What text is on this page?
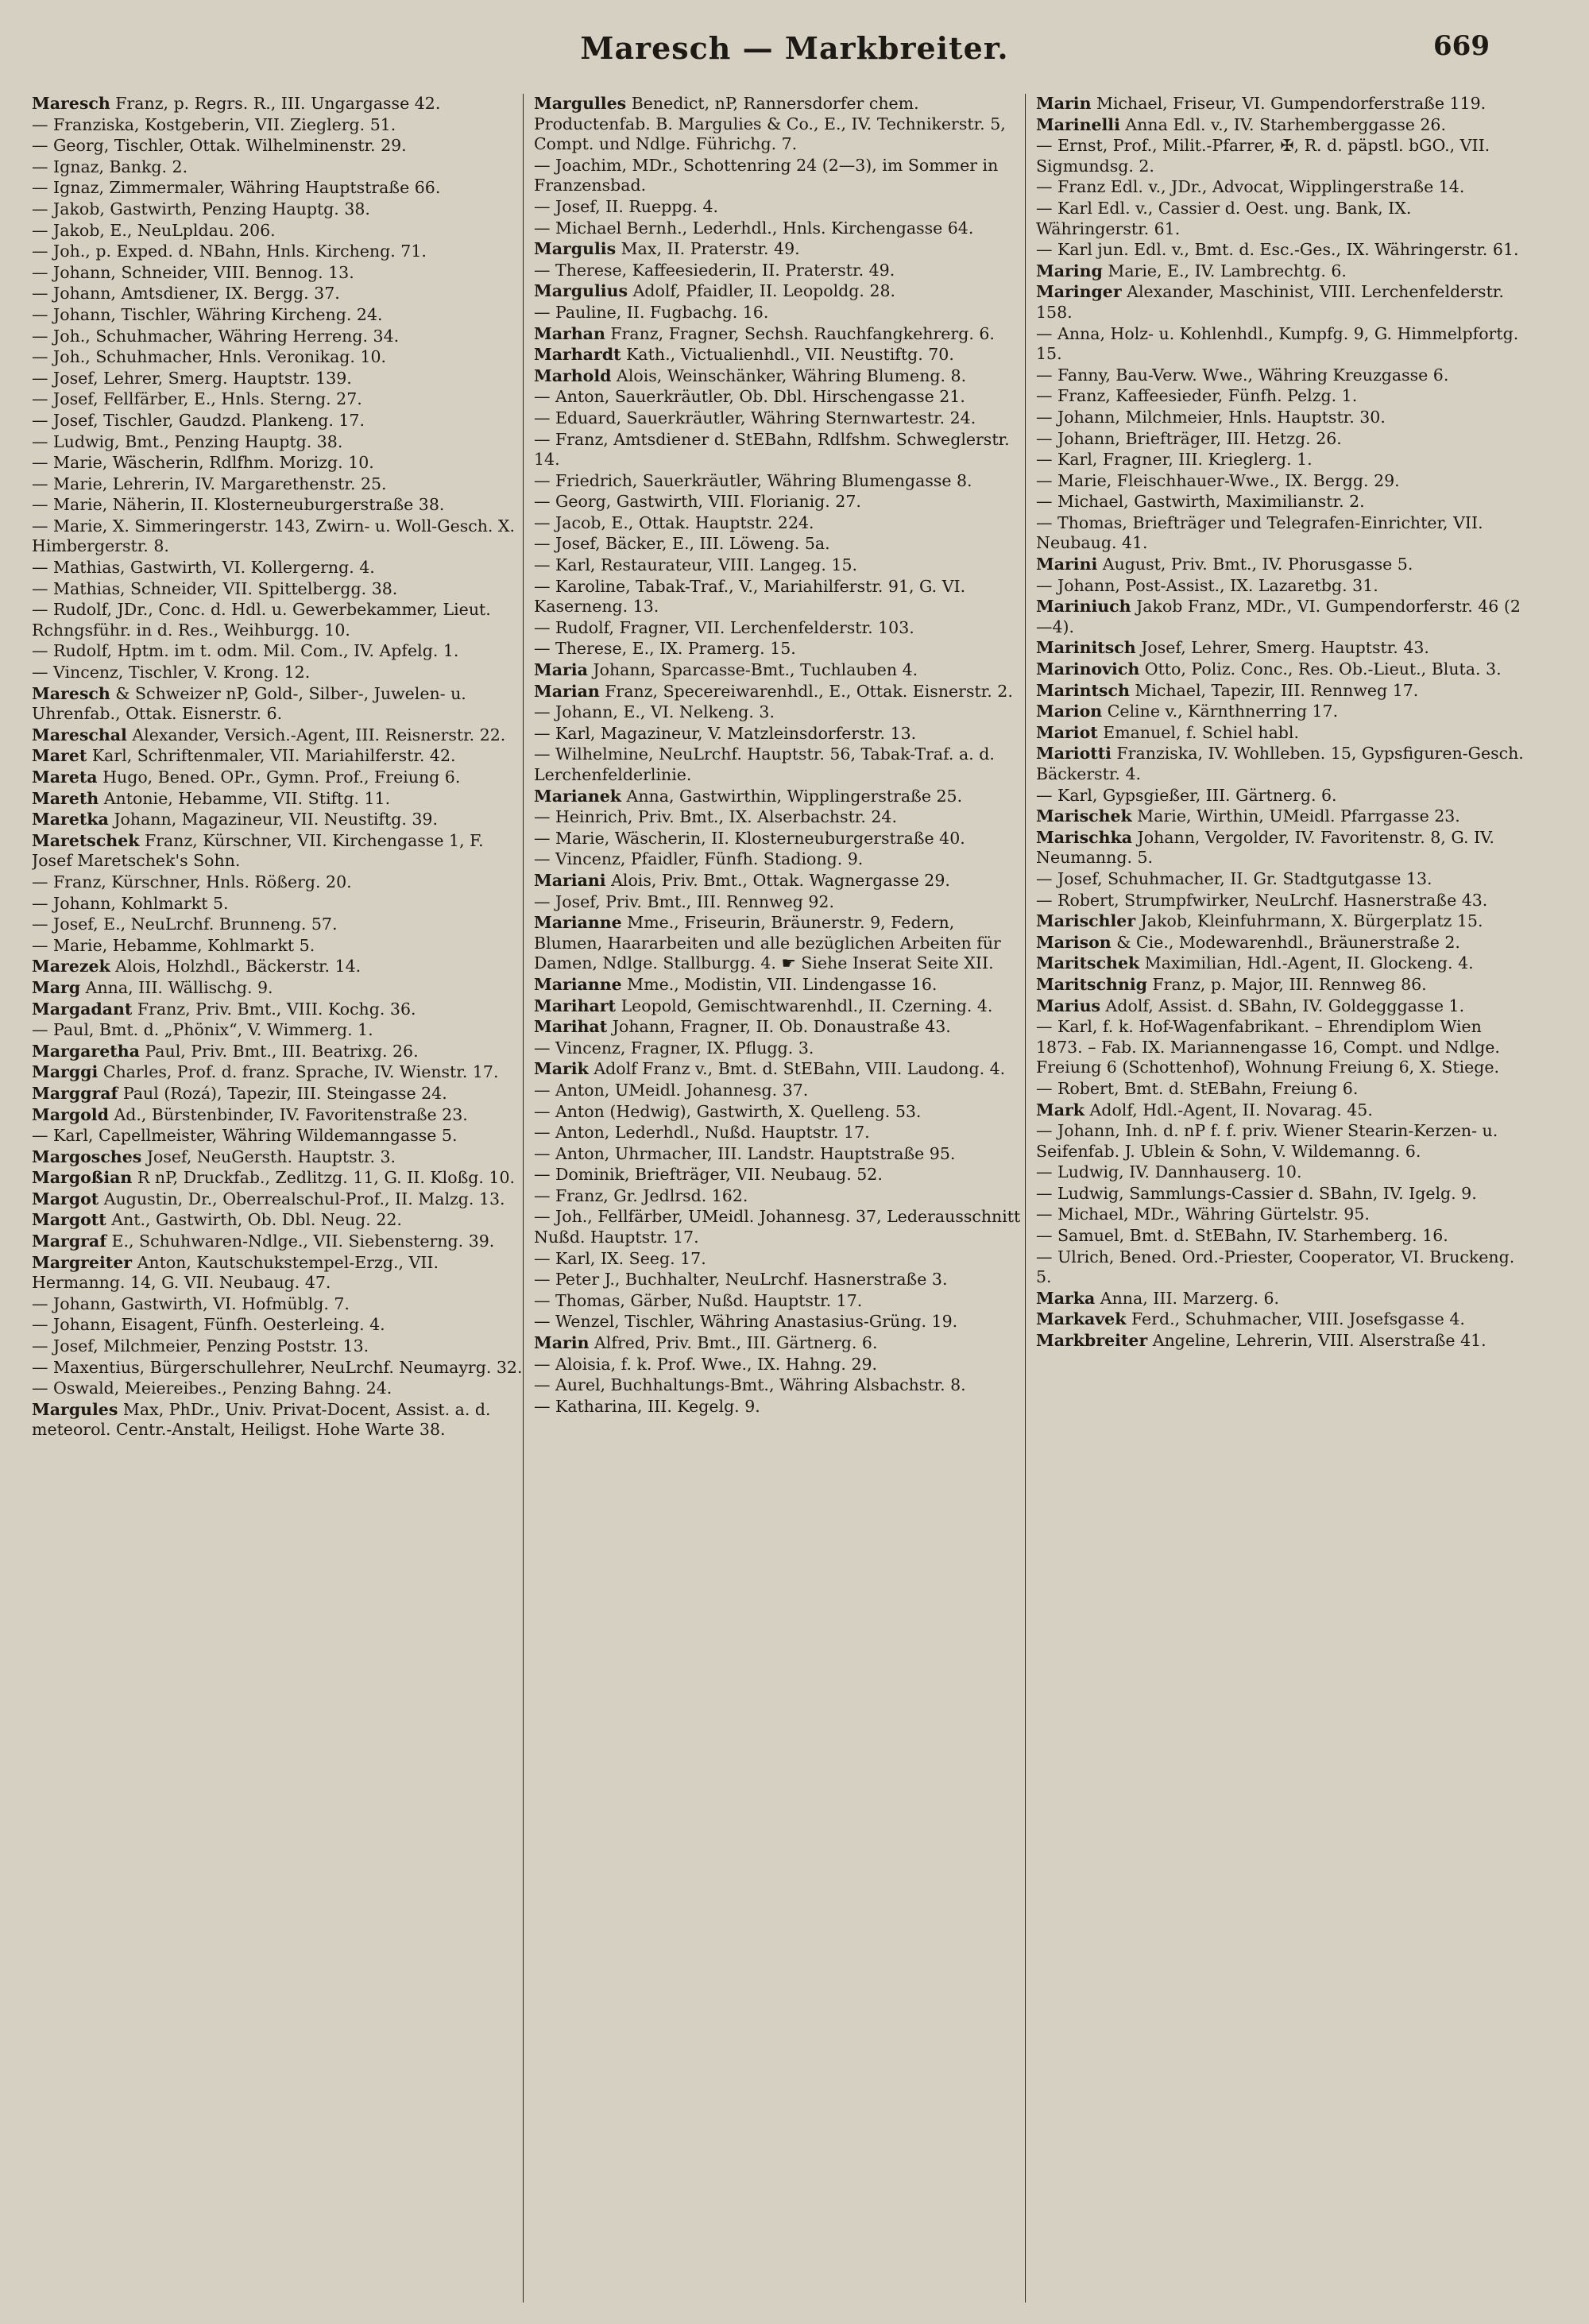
Maresch — Markbreiter.	669
Maresch Franz, p. Regrs. R., III. Ungargasse 42.
— Franziska, Kostgeberin, VII. Zieglerg. 51.
— Georg, Tischler, Ottak. Wilhelminenstr. 29.
— Ignaz, Bankg. 2.
— Ignaz, Zimmermaler, Währing Hauptstraße 66.
— Jakob, Gastwirth, Penzing Hauptg. 38.
— Jakob, E., NeuLpldau. 206.
— Joh., p. Exped. d. NBahn, Hnls. Kircheng. 71.
— Johann, Schneider, VIII. Bennog. 13.
— Johann, Amtsdiener, IX. Bergg. 37.
— Johann, Tischler, Währing Kircheng. 24.
— Joh., Schuhmacher, Währing Herreng. 34.
— Joh., Schuhmacher, Hnls. Veronikag. 10.
— Josef, Lehrer, Smerg. Hauptstr. 139.
— Josef, Fellfärber, E., Hnls. Sterng. 27.
— Josef, Tischler, Gaudzd. Plankeng. 17.
— Ludwig, Bmt., Penzing Hauptg. 38.
— Marie, Wäscherin, Rdlfhm. Morizg. 10.
— Marie, Lehrerin, IV. Margarethenstr. 25.
— Marie, Näherin, II. Klosterneuburgerstraße 38.
— Marie, X. Simmeringerstr. 143, Zwirn- u. Woll-Gesch. X. Himbergerstr. 8.
— Mathias, Gastwirth, VI. Kollergerng. 4.
— Mathias, Schneider, VII. Spittelbergg. 38.
— Rudolf, JDr., Conc. d. Hdl. u. Gewerbekammer, Lieut. Rchngsführ. in d. Res., Weihburgg. 10.
— Rudolf, Hptm. im t. odm. Mil. Com., IV. Apfelg. 1.
— Vincenz, Tischler, V. Krong. 12.
Maresch & Schweizer nP, Gold-, Silber-, Juwelen- u. Uhrenfab., Ottak. Eisnerstr. 6.
Mareschal Alexander, Versich.-Agent, III. Reisnerstr. 22.
Maret Karl, Schriftenmaler, VII. Mariahilferstr. 42.
Mareta Hugo, Bened. OPr., Gymn. Prof., Freiung 6.
Mareth Antonie, Hebamme, VII. Stiftg. 11.
Maretka Johann, Magazineur, VII. Neustiftg. 39.
Maretschek Franz, Kürschner, VII. Kirchengasse 1, F. Josef Maretschek's Sohn.
— Franz, Kürschner, Hnls. Rößerg. 20.
— Johann, Kohlmarkt 5.
— Josef, E., NeuLrchf. Brunneng. 57.
— Marie, Hebamme, Kohlmarkt 5.
Marezek Alois, Holzhdl., Bäckerstr. 14.
Marg Anna, III. Wällischg. 9.
Margadant Franz, Priv. Bmt., VIII. Kochg. 36.
— Paul, Bmt. d. „Phönix“, V. Wimmerg. 1.
Margaretha Paul, Priv. Bmt., III. Beatrixg. 26.
Marggi Charles, Prof. d. franz. Sprache, IV. Wienstr. 17.
Marggraf Paul (Rozá), Tapezir, III. Steingasse 24.
Margold Ad., Bürstenbinder, IV. Favoritenstraße 23.
— Karl, Capellmeister, Währing Wildemanngasse 5.
Margosches Josef, NeuGersth. Hauptstr. 3.
Margoßian R nP, Druckfab., Zedlitzg. 11, G. II. Kloßg. 10.
Margot Augustin, Dr., Oberrealschul-Prof., II. Malzg. 13.
Margott Ant., Gastwirth, Ob. Dbl. Neug. 22.
Margraf E., Schuhwaren-Ndlge., VII. Siebensterng. 39.
Margreiter Anton, Kautschukstempel-Erzg., VII. Hermanng. 14, G. VII. Neubaug. 47.
— Johann, Gastwirth, VI. Hofmüblg. 7.
— Johann, Eisagent, Fünfh. Oesterleing. 4.
— Josef, Milchmeier, Penzing Poststr. 13.
— Maxentius, Bürgerschullehrer, NeuLrchf. Neumayrg. 32.
— Oswald, Meiereibes., Penzing Bahng. 24.
Margules Max, PhDr., Univ. Privat-Docent, Assist. a. d. meteorol. Centr.-Anstalt, Heiligst. Hohe Warte 38.
Margulles Benedict, nP, Rannersdorfer chem. Productenfab. B. Margulies & Co., E., IV. Technikerstr. 5, Compt. und Ndlge. Führichg. 7.
— Joachim, MDr., Schottenring 24 (2—3), im Sommer in Franzensbad.
— Josef, II. Rueppg. 4.
— Michael Bernh., Lederhdl., Hnls. Kirchengasse 64.
Margulis Max, II. Praterstr. 49.
— Therese, Kaffeesiederin, II. Praterstr. 49.
Margulius Adolf, Pfaidler, II. Leopoldg. 28.
— Pauline, II. Fugbachg. 16.
Marhan Franz, Fragner, Sechsh. Rauchfangkehrerg. 6.
Marhardt Kath., Victualienhdl., VII. Neustiftg. 70.
Marhold Alois, Weinschänker, Währing Blumeng. 8.
— Anton, Sauerkräutler, Ob. Dbl. Hirschengasse 21.
— Eduard, Sauerkräutler, Währing Sternwartestr. 24.
— Franz, Amtsdiener d. StEBahn, Rdlfshm. Schweglerstr. 14.
— Friedrich, Sauerkräutler, Währing Blumengasse 8.
— Georg, Gastwirth, VIII. Florianig. 27.
— Jacob, E., Ottak. Hauptstr. 224.
— Josef, Bäcker, E., III. Löweng. 5a.
— Karl, Restaurateur, VIII. Langeg. 15.
— Karoline, Tabak-Traf., V., Mariahilferstr. 91, G. VI. Kaserneng. 13.
— Rudolf, Fragner, VII. Lerchenfelderstr. 103.
— Therese, E., IX. Pramerg. 15.
Maria Johann, Sparcasse-Bmt., Tuchlauben 4.
Marian Franz, Specereiwarenhdl., E., Ottak. Eisnerstr. 2.
— Johann, E., VI. Nelkeng. 3.
— Karl, Magazineur, V. Matzleinsdorferstr. 13.
— Wilhelmine, NeuLrchf. Hauptstr. 56, Tabak-Traf. a. d. Lerchenfelderlinie.
Marianek Anna, Gastwirthin, Wipplingerstraße 25.
— Heinrich, Priv. Bmt., IX. Alserbachstr. 24.
— Marie, Wäscherin, II. Klosterneuburgerstraße 40.
— Vincenz, Pfaidler, Fünfh. Stadiong. 9.
Mariani Alois, Priv. Bmt., Ottak. Wagnergasse 29.
— Josef, Priv. Bmt., III. Rennweg 92.
Marianne Mme., Friseurin, Bräunerstr. 9, Federn, Blumen, Haararbeiten und alle bezüglichen Arbeiten für Damen, Ndlge. Stallburgg. 4. ☛ Siehe Inserat Seite XII.
Marianne Mme., Modistin, VII. Lindengasse 16.
Marihart Leopold, Gemischtwarenhdl., II. Czerning. 4.
Marihat Johann, Fragner, II. Ob. Donaustraße 43.
— Vincenz, Fragner, IX. Pflugg. 3.
Marik Adolf Franz v., Bmt. d. StEBahn, VIII. Laudong. 4.
— Anton, UMeidl. Johannesg. 37.
— Anton (Hedwig), Gastwirth, X. Quelleng. 53.
— Anton, Lederhdl., Nußd. Hauptstr. 17.
— Anton, Uhrmacher, III. Landstr. Hauptstraße 95.
— Dominik, Briefträger, VII. Neubaug. 52.
— Franz, Gr. Jedlrsd. 162.
— Joh., Fellfärber, UMeidl. Johannesg. 37, Lederausschnitt Nußd. Hauptstr. 17.
— Karl, IX. Seeg. 17.
— Peter J., Buchhalter, NeuLrchf. Hasnerstraße 3.
— Thomas, Gärber, Nußd. Hauptstr. 17.
— Wenzel, Tischler, Währing Anastasius-Grüng. 19.
Marin Alfred, Priv. Bmt., III. Gärtnerg. 6.
— Aloisia, f. k. Prof. Wwe., IX. Hahng. 29.
— Aurel, Buchhaltungs-Bmt., Währing Alsbachstr. 8.
— Katharina, III. Kegelg. 9.
Marin Michael, Friseur, VI. Gumpendorferstraße 119.
Marinelli Anna Edl. v., IV. Starhemberggasse 26.
— Ernst, Prof., Milit.-Pfarrer, ✠, R. d. päpstl. bGO., VII. Sigmundsg. 2.
— Franz Edl. v., JDr., Advocat, Wipplingerstraße 14.
— Karl Edl. v., Cassier d. Oest. ung. Bank, IX. Währingerstr. 61.
— Karl jun. Edl. v., Bmt. d. Esc.-Ges., IX. Währingerstr. 61.
Maring Marie, E., IV. Lambrechtg. 6.
Maringer Alexander, Maschinist, VIII. Lerchenfelderstr. 158.
— Anna, Holz- u. Kohlenhdl., Kumpfg. 9, G. Himmelpfortg. 15.
— Fanny, Bau-Verw. Wwe., Währing Kreuzgasse 6.
— Franz, Kaffeesieder, Fünfh. Pelzg. 1.
— Johann, Milchmeier, Hnls. Hauptstr. 30.
— Johann, Briefträger, III. Hetzg. 26.
— Karl, Fragner, III. Krieglerg. 1.
— Marie, Fleischhauer-Wwe., IX. Bergg. 29.
— Michael, Gastwirth, Maximilianstr. 2.
— Thomas, Briefträger und Telegrafen-Einrichter, VII. Neubaug. 41.
Marini August, Priv. Bmt., IV. Phorusgasse 5.
— Johann, Post-Assist., IX. Lazaretbg. 31.
Mariniuch Jakob Franz, MDr., VI. Gumpendorferstr. 46 (2—4).
Marinitsch Josef, Lehrer, Smerg. Hauptstr. 43.
Marinovich Otto, Poliz. Conc., Res. Ob.-Lieut., Bluta. 3.
Marintsch Michael, Tapezir, III. Rennweg 17.
Marion Celine v., Kärnthnerring 17.
Mariot Emanuel, f. Schiel habl.
Mariotti Franziska, IV. Wohlleben. 15, Gypsfiguren-Gesch. Bäckerstr. 4.
— Karl, Gypsgießer, III. Gärtnerg. 6.
Marischek Marie, Wirthin, UMeidl. Pfarrgasse 23.
Marischka Johann, Vergolder, IV. Favoritenstr. 8, G. IV. Neumanng. 5.
— Josef, Schuhmacher, II. Gr. Stadtgutgasse 13.
— Robert, Strumpfwirker, NeuLrchf. Hasnerstraße 43.
Marischler Jakob, Kleinfuhrmann, X. Bürgerplatz 15.
Marison & Cie., Modewarenhdl., Bräunerstraße 2.
Maritschek Maximilian, Hdl.-Agent, II. Glockeng. 4.
Maritschnig Franz, p. Major, III. Rennweg 86.
Marius Adolf, Assist. d. SBahn, IV. Goldegggasse 1.
— Karl, f. k. Hof-Wagenfabrikant. – Ehrendiplom Wien 1873. – Fab. IX. Mariannengasse 16, Compt. und Ndlge. Freiung 6 (Schottenhof), Wohnung Freiung 6, X. Stiege.
— Robert, Bmt. d. StEBahn, Freiung 6.
Mark Adolf, Hdl.-Agent, II. Novarag. 45.
— Johann, Inh. d. nP f. f. priv. Wiener Stearin-Kerzen- u. Seifenfab. J. Ublein & Sohn, V. Wildemanng. 6.
— Ludwig, IV. Dannhauserg. 10.
— Ludwig, Sammlungs-Cassier d. SBahn, IV. Igelg. 9.
— Michael, MDr., Währing Gürtelstr. 95.
— Samuel, Bmt. d. StEBahn, IV. Starhemberg. 16.
— Ulrich, Bened. Ord.-Priester, Cooperator, VI. Bruckeng. 5.
Marka Anna, III. Marzerg. 6.
Markavek Ferd., Schuhmacher, VIII. Josefsgasse 4.
Markbreiter Angeline, Lehrerin, VIII. Alserstraße 41.
